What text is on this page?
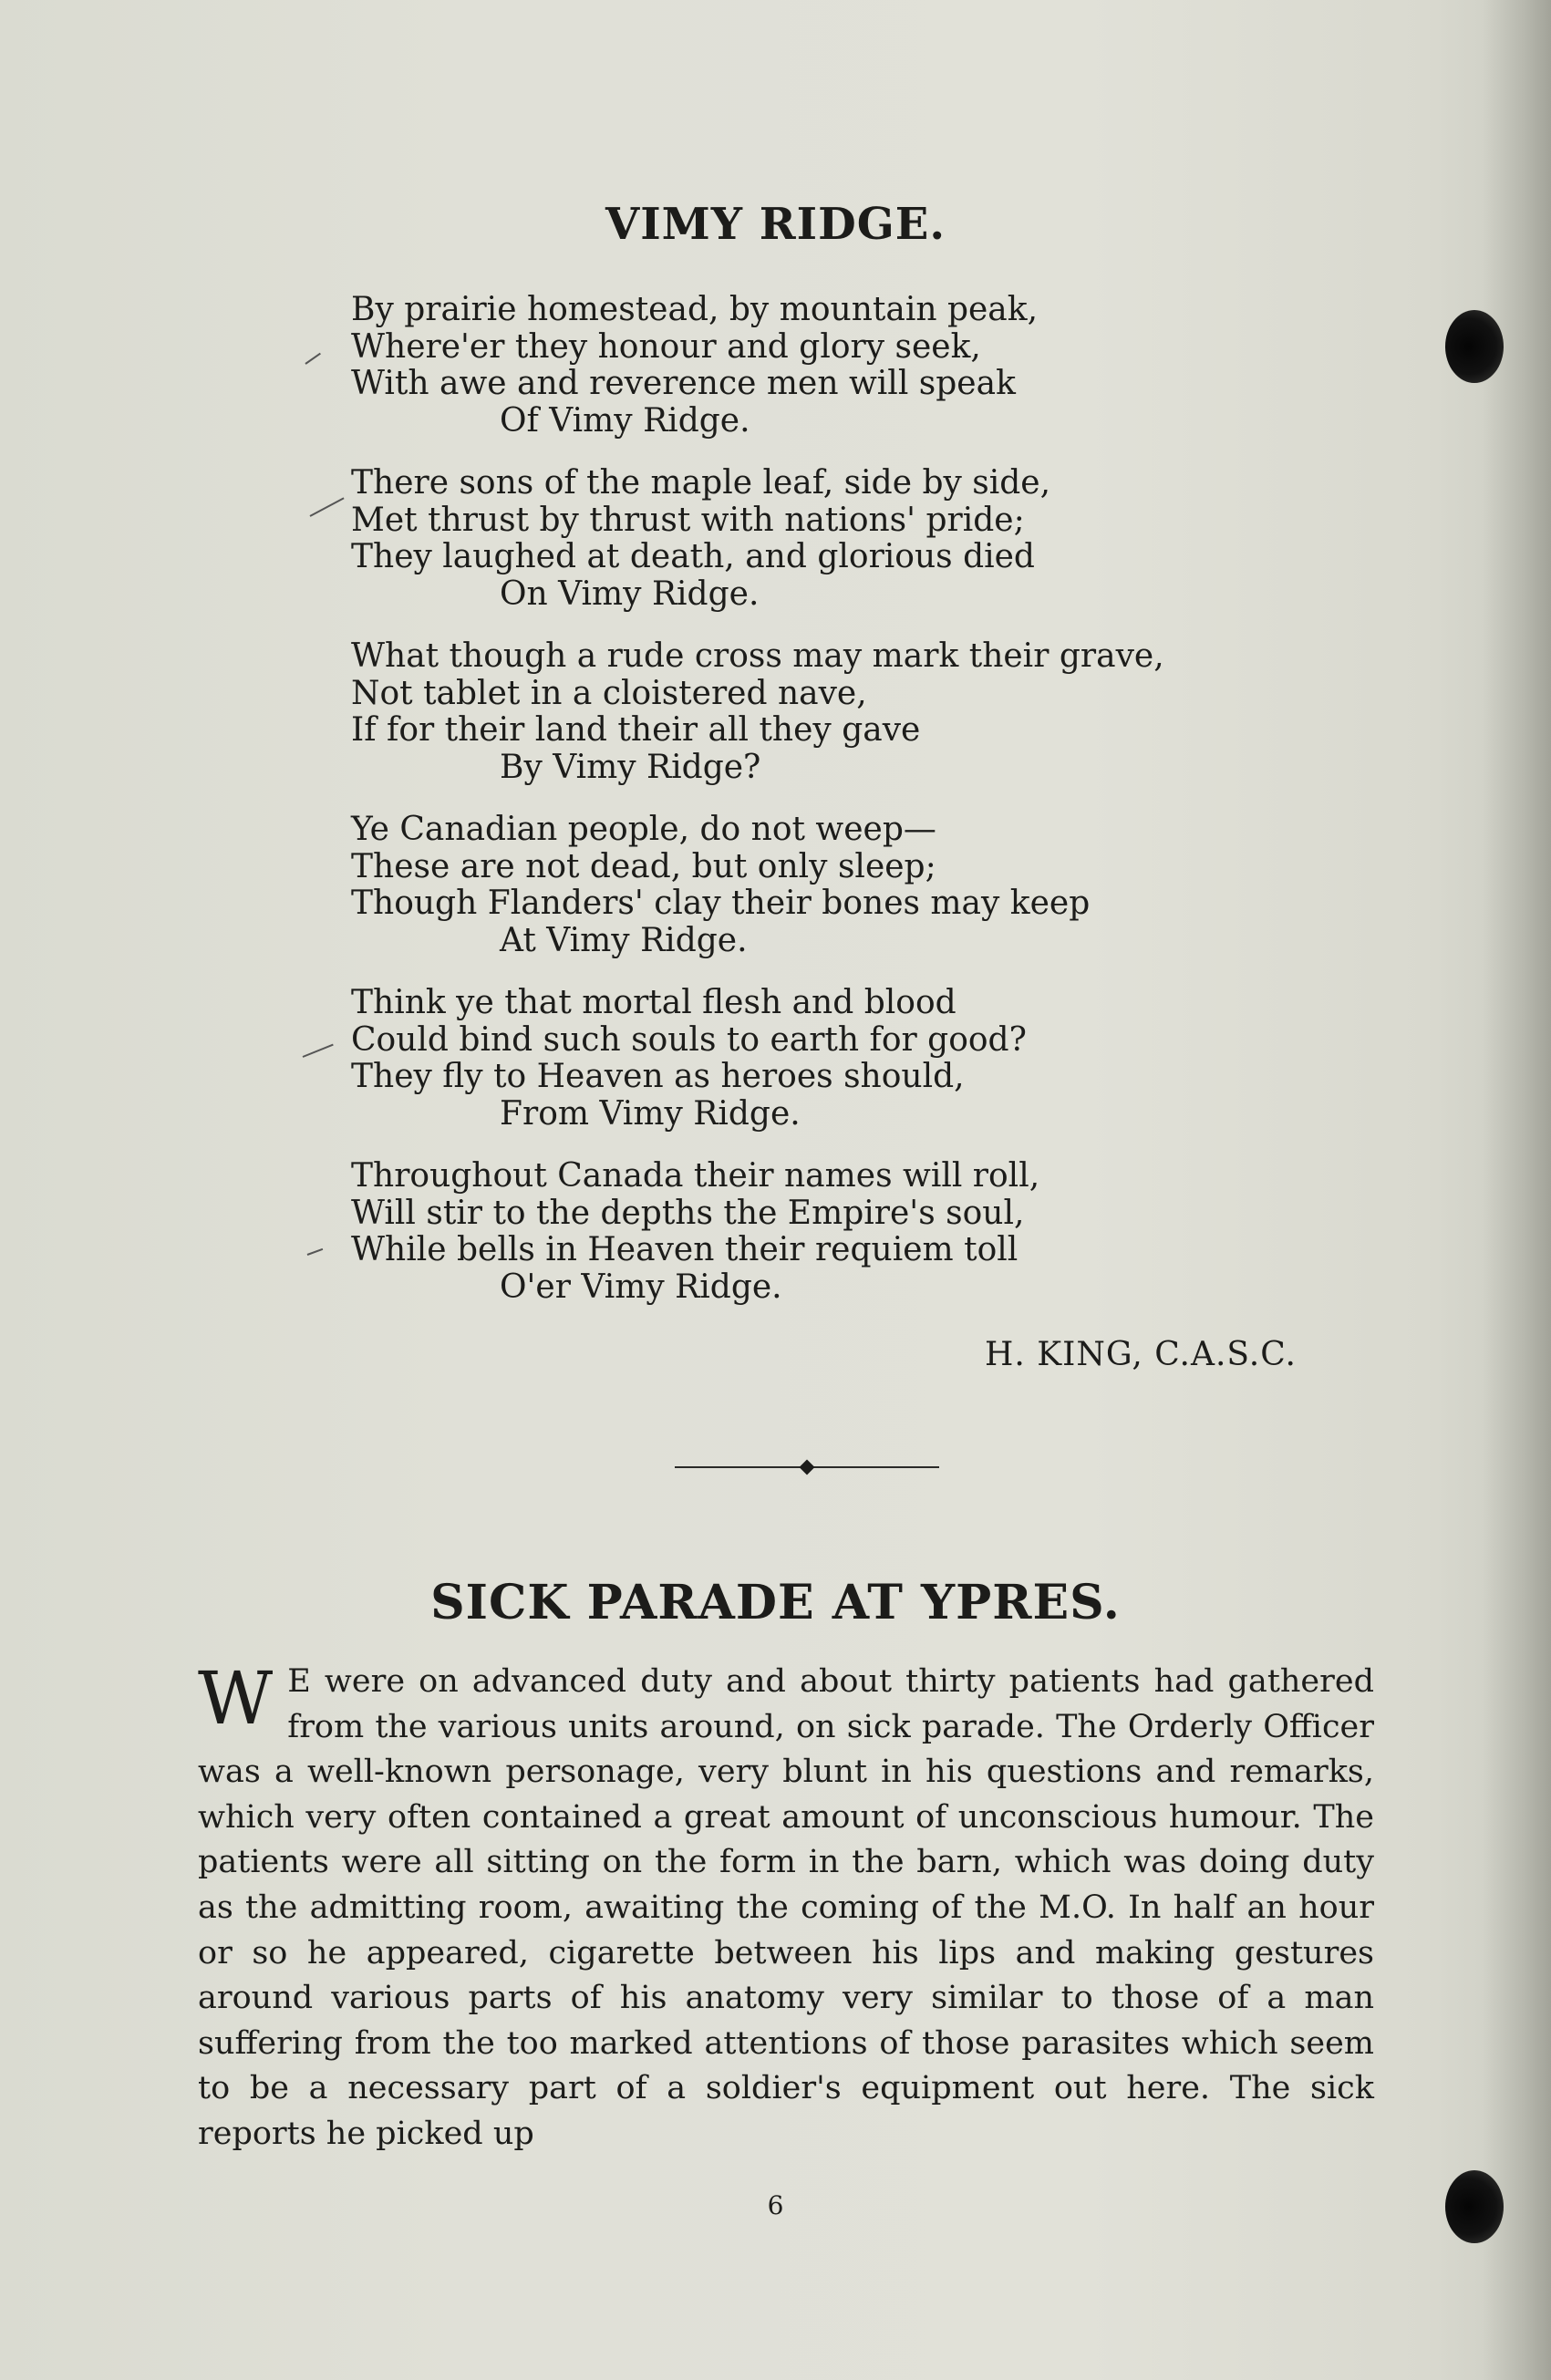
VIMY RIDGE.
By prairie homestead, by mountain peak,
Where'er they honour and glory seek,
With awe and reverence men will speak
Of Vimy Ridge.
There sons of the maple leaf, side by side,
Met thrust by thrust with nations' pride;
They laughed at death, and glorious died
On Vimy Ridge.
What though a rude cross may mark their grave,
Not tablet in a cloistered nave,
If for their land their all they gave
By Vimy Ridge?
Ye Canadian people, do not weep—
These are not dead, but only sleep;
Though Flanders' clay their bones may keep
At Vimy Ridge.
Think ye that mortal flesh and blood
Could bind such souls to earth for good?
They fly to Heaven as heroes should,
From Vimy Ridge.
Throughout Canada their names will roll,
Will stir to the depths the Empire's soul,
While bells in Heaven their requiem toll
O'er Vimy Ridge.
H. KING, C.A.S.C.
SICK PARADE AT YPRES.
W E were on advanced duty and about thirty patients had gathered from the various units around, on sick parade. The Orderly Officer was a well-known personage, very blunt in his questions and remarks, which very often contained a great amount of unconscious humour. The patients were all sitting on the form in the barn, which was doing duty as the admitting room, awaiting the coming of the M.O. In half an hour or so he appeared, cigarette between his lips and making gestures around various parts of his anatomy very similar to those of a man suffering from the too marked attentions of those parasites which seem to be a necessary part of a soldier's equipment out here. The sick reports he picked up
6
